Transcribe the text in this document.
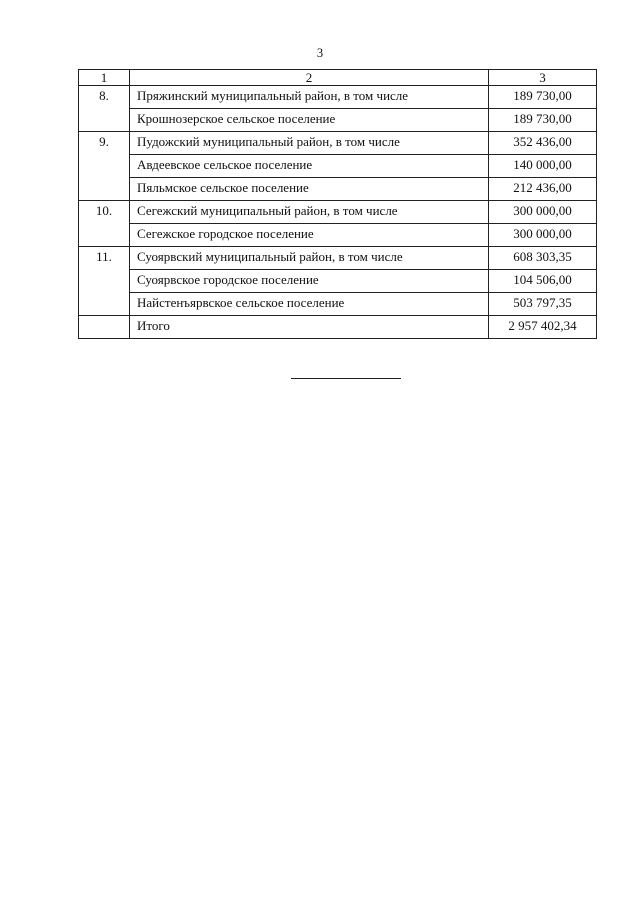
3
1	2	3
8.	Пряжинский муниципальный район, в том числе	189 730,00
	Крошнозерское сельское поселение	189 730,00
9.	Пудожский муниципальный район, в том числе	352 436,00
	Авдеевское сельское поселение	140 000,00
	Пяльмское сельское поселение	212 436,00
10.	Сегежский муниципальный район, в том числе	300 000,00
	Сегежское городское поселение	300 000,00
11.	Суоярвский муниципальный район, в том числе	608 303,35
	Суоярвское городское поселение	104 506,00
	Найстенъярвское сельское поселение	503 797,35
	Итого	2 957 402,34
